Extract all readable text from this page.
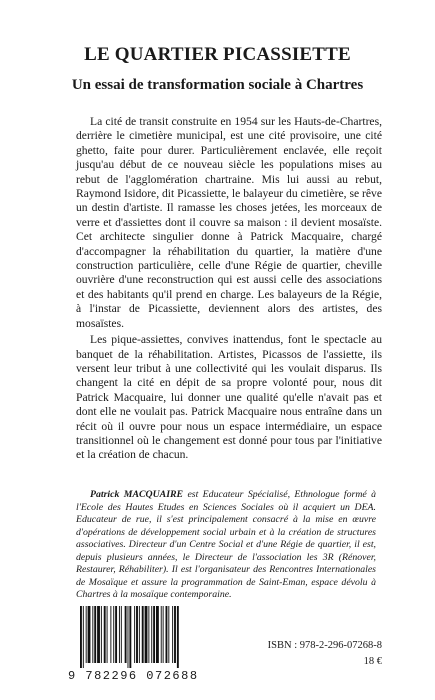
LE QUARTIER PICASSIETTE
Un essai de transformation sociale à Chartres

La cité de transit construite en 1954 sur les Hauts-de-Chartres, derrière le cimetière municipal, est une cité provisoire, une cité ghetto, faite pour durer. Particulièrement enclavée, elle reçoit jusqu'au début de ce nouveau siècle les populations mises au rebut de l'agglomération chartraine. Mis lui aussi au rebut, Raymond Isidore, dit Picassiette, le balayeur du cimetière, se rêve un destin d'artiste. Il ramasse les choses jetées, les morceaux de verre et d'assiettes dont il couvre sa maison : il devient mosaïste. Cet architecte singulier donne à Patrick Macquaire, chargé d'accompagner la réhabilitation du quartier, la matière d'une construction particulière, celle d'une Régie de quartier, cheville ouvrière d'une reconstruction qui est aussi celle des associations et des habitants qu'il prend en charge. Les balayeurs de la Régie, à l'instar de Picassiette, deviennent alors des artistes, des mosaïstes.

Les pique-assiettes, convives inattendus, font le spectacle au banquet de la réhabilitation. Artistes, Picassos de l'assiette, ils versent leur tribut à une collectivité qui les voulait disparus. Ils changent la cité en dépit de sa propre volonté pour, nous dit Patrick Macquaire, lui donner une qualité qu'elle n'avait pas et dont elle ne voulait pas. Patrick Macquaire nous entraîne dans un récit où il ouvre pour nous un espace intermédiaire, un espace transitionnel où le changement est donné pour tous par l'initiative et la création de chacun.

Patrick MACQUAIRE est Educateur Spécialisé, Ethnologue formé à l'Ecole des Hautes Etudes en Sciences Sociales où il acquiert un DEA. Educateur de rue, il s'est principalement consacré à la mise en œuvre d'opérations de développement social urbain et à la création de structures associatives. Directeur d'un Centre Social et d'une Régie de quartier, il est, depuis plusieurs années, le Directeur de l'association les 3R (Rénover, Restaurer, Réhabiliter). Il est l'organisateur des Rencontres Internationales de Mosaïque et assure la programmation de Saint-Eman, espace dévolu à Chartres à la mosaïque contemporaine.
9 782296 072688
ISBN : 978-2-296-07268-8
18 €
